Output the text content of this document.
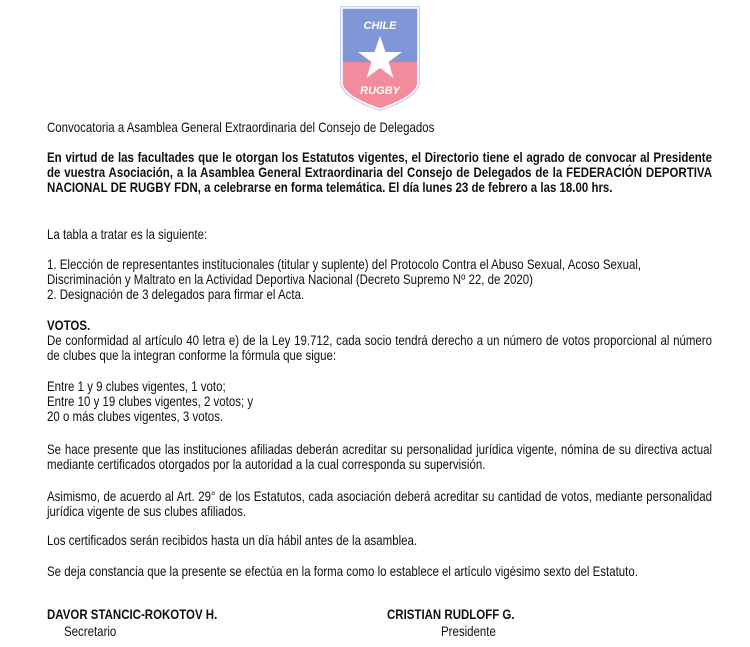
CHILE
RUGBY
Convocatoria a Asamblea General Extraordinaria del Consejo de Delegados

En virtud de las facultades que le otorgan los Estatutos vigentes, el Directorio tiene el agrado de convocar al Presidente de vuestra Asociación, a la Asamblea General Extraordinaria del Consejo de Delegados de la FEDERACIÓN DEPORTIVA NACIONAL DE RUGBY FDN, a celebrarse en forma telemática. El día lunes 23 de febrero a las 18.00 hrs.

La tabla a tratar es la siguiente:

1. Elección de representantes institucionales (titular y suplente) del Protocolo Contra el Abuso Sexual, Acoso Sexual, Discriminación y Maltrato en la Actividad Deportiva Nacional (Decreto Supremo Nº 22, de 2020)

2. Designación de 3 delegados para firmar el Acta.

VOTOS.

De conformidad al artículo 40 letra e) de la Ley 19.712, cada socio tendrá derecho a un número de votos proporcional al número de clubes que la integran conforme la fórmula que sigue:

Entre 1 y 9 clubes vigentes, 1 voto;

Entre 10 y 19 clubes vigentes, 2 votos; y

20 o más clubes vigentes, 3 votos.

Se hace presente que las instituciones afiliadas deberán acreditar su personalidad jurídica vigente, nómina de su directiva actual mediante certificados otorgados por la autoridad a la cual corresponda su supervisión.

Asimismo, de acuerdo al Art. 29° de los Estatutos, cada asociación deberá acreditar su cantidad de votos, mediante personalidad jurídica vigente de sus clubes afiliados.

Los certificados serán recibidos hasta un día hábil antes de la asamblea.

Se deja constancia que la presente se efectúa en la forma como lo establece el artículo vigésimo sexto del Estatuto.

DAVOR STANCIC-ROKOTOV H.
Secretario
CRISTIAN RUDLOFF G.
Presidente
